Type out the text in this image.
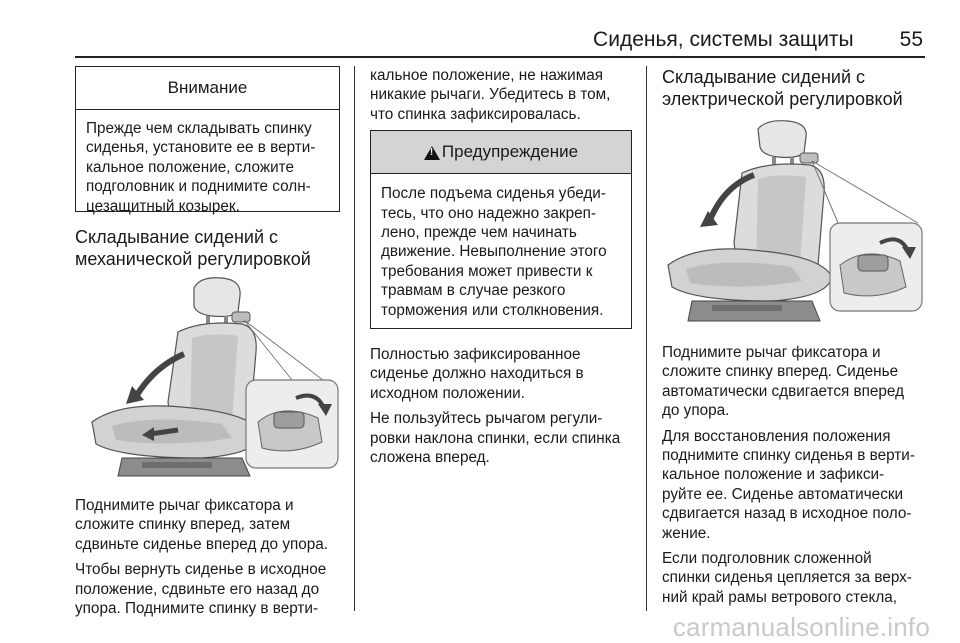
Сиденья, системы защиты 55
Внимание
Прежде чем складывать спинку
сиденья, установите ее в верти-
кальное положение, сложите
подголовник и поднимите солн-
цезащитный козырек.
Складывание сидений с
механической регулировкой

Поднимите рычаг фиксатора и
сложите спинку вперед, затем
сдвиньте сиденье вперед до упора.

Чтобы вернуть сиденье в исходное
положение, сдвиньте его назад до
упора. Поднимите спинку в верти-

кальное положение, не нажимая
никакие рычаги. Убедитесь в том,
что спинка зафиксировалась.

!
Предупреждение
После подъема сиденья убеди-
тесь, что оно надежно закреп-
лено, прежде чем начинать
движение. Невыполнение этого
требования может привести к
травмам в случае резкого
торможения или столкновения.

Полностью зафиксированное
сиденье должно находиться в
исходном положении.

Не пользуйтесь рычагом регули-
ровки наклона спинки, если спинка
сложена вперед.

Складывание сидений с
электрической регулировкой

Поднимите рычаг фиксатора и
сложите спинку вперед. Сиденье
автоматически сдвигается вперед
до упора.

Для восстановления положения
поднимите спинку сиденья в верти-
кальное положение и зафикси-
руйте ее. Сиденье автоматически
сдвигается назад в исходное поло-
жение.

Если подголовник сложенной
спинки сиденья цепляется за верх-
ний край рамы ветрового стекла,

carmanualsonline.info
